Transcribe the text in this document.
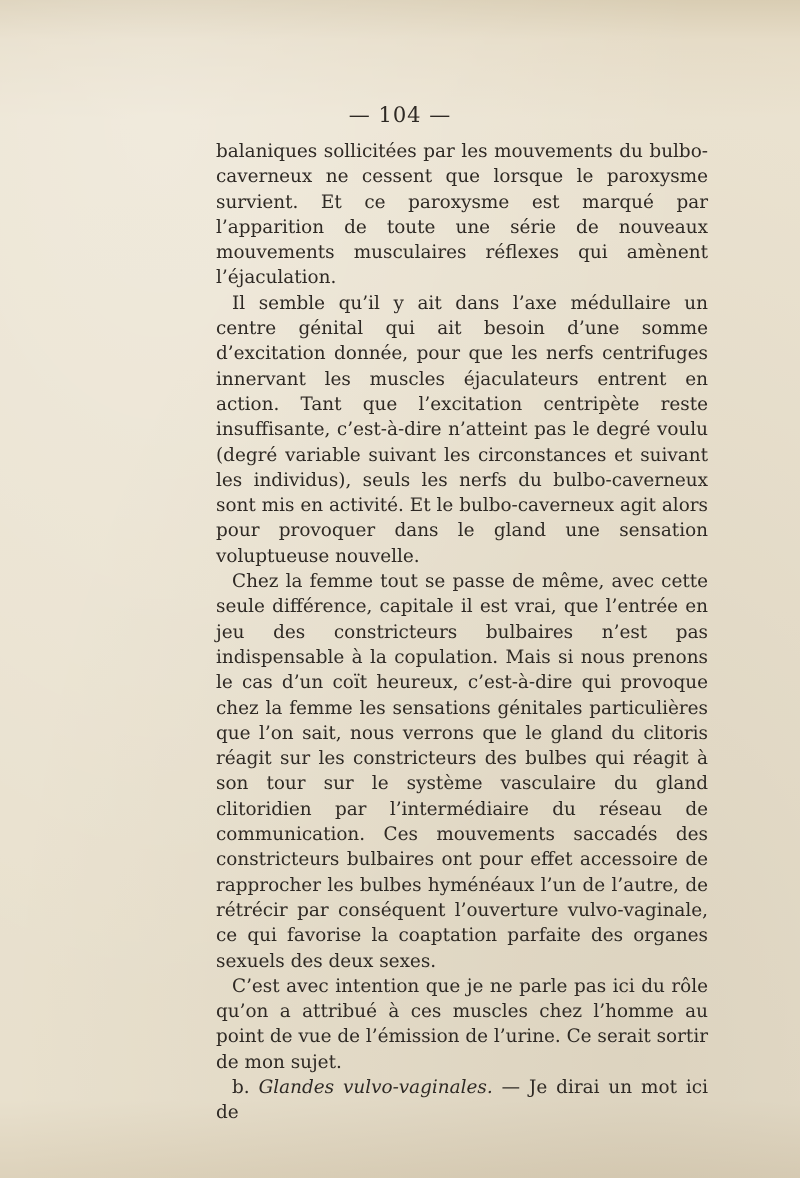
— 104 —

balaniques sollicitées par les mouvements du bulbo-caverneux ne cessent que lorsque le paroxysme survient. Et ce paroxysme est marqué par l’apparition de toute une série de nouveaux mouvements musculaires réflexes qui amènent l’éjaculation.

Il semble qu’il y ait dans l’axe médullaire un centre génital qui ait besoin d’une somme d’excitation donnée, pour que les nerfs centrifuges innervant les muscles éjaculateurs entrent en action. Tant que l’excitation centripète reste insuffisante, c’est-à-dire n’atteint pas le degré voulu (degré variable suivant les circonstances et suivant les individus), seuls les nerfs du bulbo-caverneux sont mis en activité. Et le bulbo-caverneux agit alors pour provoquer dans le gland une sensation voluptueuse nouvelle.

Chez la femme tout se passe de même, avec cette seule différence, capitale il est vrai, que l’entrée en jeu des constricteurs bulbaires n’est pas indispensable à la copulation. Mais si nous prenons le cas d’un coït heureux, c’est-à-dire qui provoque chez la femme les sensations génitales particulières que l’on sait, nous verrons que le gland du clitoris réagit sur les constricteurs des bulbes qui réagit à son tour sur le système vasculaire du gland clitoridien par l’intermédiaire du réseau de communication. Ces mouvements saccadés des constricteurs bulbaires ont pour effet accessoire de rapprocher les bulbes hyménéaux l’un de l’autre, de rétrécir par conséquent l’ouverture vulvo-vaginale, ce qui favorise la coaptation parfaite des organes sexuels des deux sexes.

C’est avec intention que je ne parle pas ici du rôle qu’on a attribué à ces muscles chez l’homme au point de vue de l’émission de l’urine. Ce serait sortir de mon sujet.

b. Glandes vulvo-vaginales. — Je dirai un mot ici de
